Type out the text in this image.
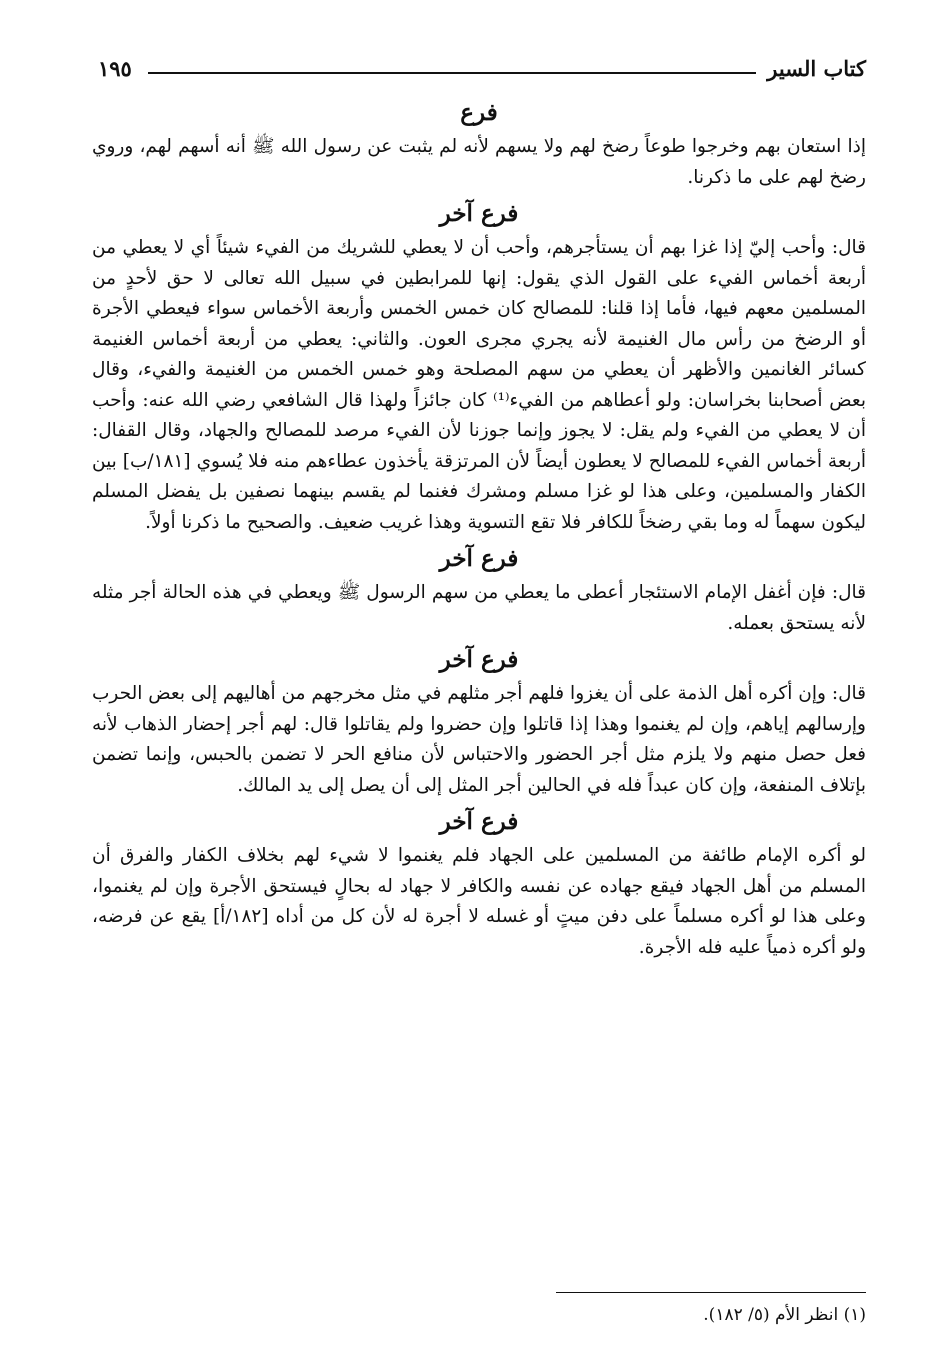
كتاب السير
١٩٥
فرع

إذا استعان بهم وخرجوا طوعاً رضخ لهم ولا يسهم لأنه لم يثبت عن رسول الله ﷺ أنه أسهم لهم، وروي رضخ لهم على ما ذكرنا.

فرع آخر

قال: وأحب إليّ إذا غزا بهم أن يستأجرهم، وأحب أن لا يعطي للشريك من الفيء شيئاً أي لا يعطي من أربعة أخماس الفيء على القول الذي يقول: إنها للمرابطين في سبيل الله تعالى لا حق لأحدٍ من المسلمين معهم فيها، فأما إذا قلنا: للمصالح كان خمس الخمس وأربعة الأخماس سواء فيعطي الأجرة أو الرضخ من رأس مال الغنيمة لأنه يجري مجرى العون. والثاني: يعطي من أربعة أخماس الغنيمة كسائر الغانمين والأظهر أن يعطي من سهم المصلحة وهو خمس الخمس من الغنيمة والفيء، وقال بعض أصحابنا بخراسان: ولو أعطاهم من الفيء⁽¹⁾ كان جائزاً ولهذا قال الشافعي رضي الله عنه: وأحب أن لا يعطي من الفيء ولم يقل: لا يجوز وإنما جوزنا لأن الفيء مرصد للمصالح والجهاد، وقال القفال: أربعة أخماس الفيء للمصالح لا يعطون أيضاً لأن المرتزقة يأخذون عطاءهم منه فلا يُسوي [١٨١/ب] بين الكفار والمسلمين، وعلى هذا لو غزا مسلم ومشرك فغنما لم يقسم بينهما نصفين بل يفضل المسلم ليكون سهماً له وما بقي رضخاً للكافر فلا تقع التسوية وهذا غريب ضعيف. والصحيح ما ذكرنا أولاً.

فرع آخر

قال: فإن أغفل الإمام الاستئجار أعطى ما يعطي من سهم الرسول ﷺ ويعطي في هذه الحالة أجر مثله لأنه يستحق بعمله.

فرع آخر

قال: وإن أكره أهل الذمة على أن يغزوا فلهم أجر مثلهم في مثل مخرجهم من أهاليهم إلى بعض الحرب وإرسالهم إياهم، وإن لم يغنموا وهذا إذا قاتلوا وإن حضروا ولم يقاتلوا قال: لهم أجر إحضار الذهاب لأنه فعل حصل منهم ولا يلزم مثل أجر الحضور والاحتباس لأن منافع الحر لا تضمن بالحبس، وإنما تضمن بإتلاف المنفعة، وإن كان عبداً فله في الحالين أجر المثل إلى أن يصل إلى يد المالك.

فرع آخر

لو أكره الإمام طائفة من المسلمين على الجهاد فلم يغنموا لا شيء لهم بخلاف الكفار والفرق أن المسلم من أهل الجهاد فيقع جهاده عن نفسه والكافر لا جهاد له بحالٍ فيستحق الأجرة وإن لم يغنموا، وعلى هذا لو أكره مسلماً على دفن ميتٍ أو غسله لا أجرة له لأن كل من أداه [١٨٢/أ] يقع عن فرضه، ولو أكره ذمياً عليه فله الأجرة.

(١) انظر الأم (٥/ ١٨٢).
